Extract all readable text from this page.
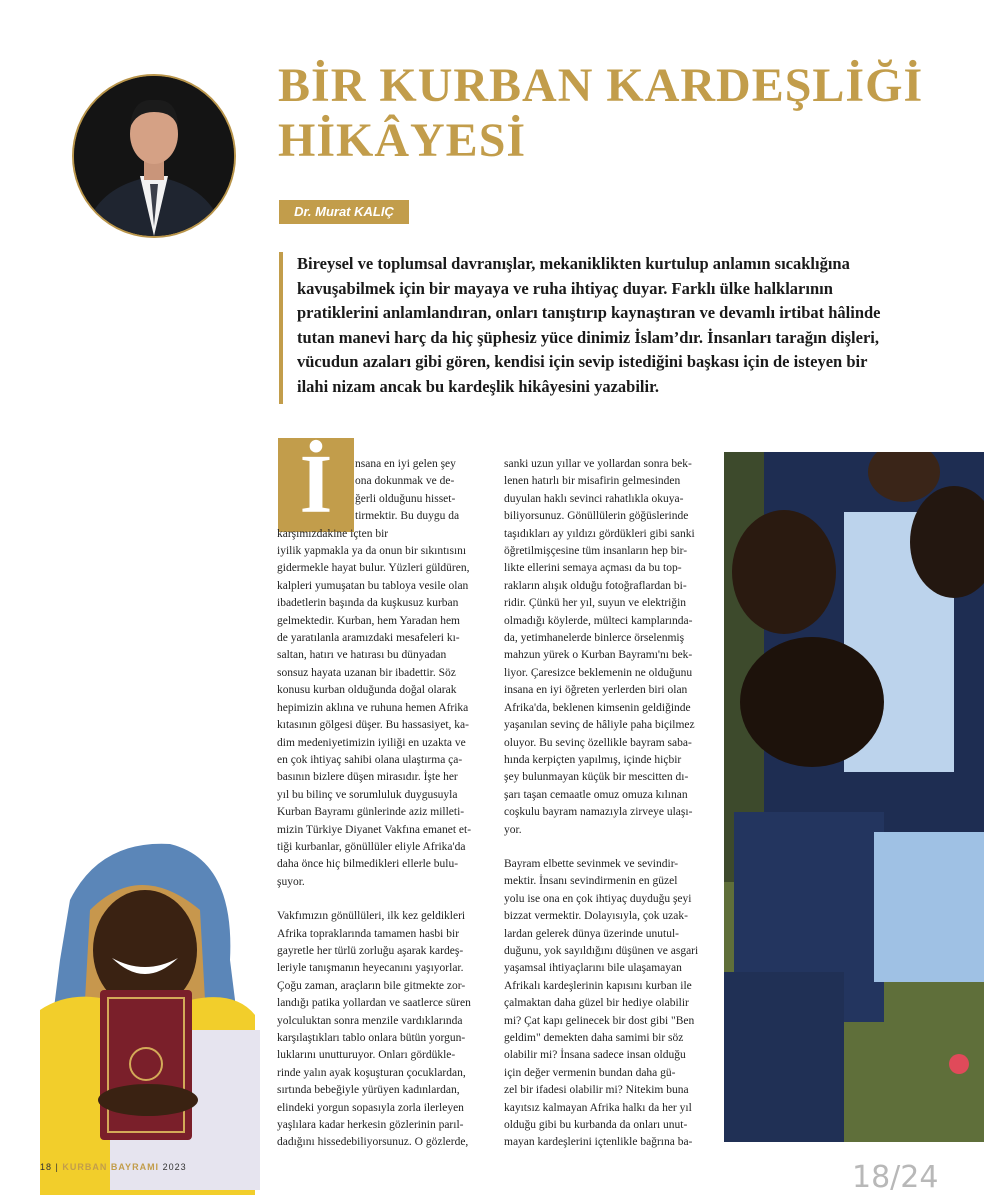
BİR KURBAN KARDEŞLİĞİ
HİKÂYESİ
Dr. Murat KALIÇ
Bireysel ve toplumsal davranışlar, mekaniklikten kurtulup anlamın sıcaklığına
kavuşabilmek için bir mayaya ve ruha ihtiyaç duyar. Farklı ülke halklarının
pratiklerini anlamlandıran, onları tanıştırıp kaynaştıran ve devamlı irtibat hâlinde
tutan manevi harç da hiç şüphesiz yüce dinimiz İslam’dır. İnsanları tarağın dişleri,
vücudun azaları gibi gören, kendisi için sevip istediğini başkası için de isteyen bir
ilahi nizam ancak bu kardeşlik hikâyesini yazabilir.
İ	nsana en iyi gelen şey
ona dokunmak ve de-
ğerli olduğunu hisset-
tirmektir. Bu duygu da
karşımızdakine içten bir
iyilik yapmakla ya da onun bir sıkıntısını
gidermekle hayat bulur. Yüzleri güldüren,
kalpleri yumuşatan bu tabloya vesile olan
ibadetlerin başında da kuşkusuz kurban
gelmektedir. Kurban, hem Yaradan hem
de yaratılanla aramızdaki mesafeleri kı-
saltan, hatırı ve hatırası bu dünyadan
sonsuz hayata uzanan bir ibadettir. Söz
konusu kurban olduğunda doğal olarak
hepimizin aklına ve ruhuna hemen Afrika
kıtasının gölgesi düşer. Bu hassasiyet, ka-
dim medeniyetimizin iyiliği en uzakta ve
en çok ihtiyaç sahibi olana ulaştırma ça-
basının bizlere düşen mirasıdır. İşte her
yıl bu bilinç ve sorumluluk duygusuyla
Kurban Bayramı günlerinde aziz milleti-
mizin Türkiye Diyanet Vakfına emanet et-
tiği kurbanlar, gönüllüler eliyle Afrika'da
daha önce hiç bilmedikleri ellerle bulu-
şuyor.
Vakfımızın gönüllüleri, ilk kez geldikleri
Afrika topraklarında tamamen hasbi bir
gayretle her türlü zorluğu aşarak kardeş-
leriyle tanışmanın heyecanını yaşıyorlar.
Çoğu zaman, araçların bile gitmekte zor-
landığı patika yollardan ve saatlerce süren
yolculuktan sonra menzile vardıklarında
karşılaştıkları tablo onlara bütün yorgun-
luklarını unutturuyor. Onları gördükle-
rinde yalın ayak koşuşturan çocuklardan,
sırtında bebeğiyle yürüyen kadınlardan,
elindeki yorgun sopasıyla zorla ilerleyen
yaşlılara kadar herkesin gözlerinin parıl-
dadığını hissedebiliyorsunuz. O gözlerde,
sanki uzun yıllar ve yollardan sonra bek-
lenen hatırlı bir misafirin gelmesinden
duyulan haklı sevinci rahatlıkla okuya-
biliyorsunuz. Gönüllülerin göğüslerinde
taşıdıkları ay yıldızı gördükleri gibi sanki
öğretilmişçesine tüm insanların hep bir-
likte ellerini semaya açması da bu top-
rakların alışık olduğu fotoğraflardan bi-
ridir. Çünkü her yıl, suyun ve elektriğin
olmadığı köylerde, mülteci kamplarında-
da, yetimhanelerde binlerce örselenmiş
mahzun yürek o Kurban Bayramı'nı bek-
liyor. Çaresizce beklemenin ne olduğunu
insana en iyi öğreten yerlerden biri olan
Afrika'da, beklenen kimsenin geldiğinde
yaşanılan sevinç de hâliyle paha biçilmez
oluyor. Bu sevinç özellikle bayram saba-
hında kerpiçten yapılmış, içinde hiçbir
şey bulunmayan küçük bir mescitten dı-
şarı taşan cemaatle omuz omuza kılınan
coşkulu bayram namazıyla zirveye ulaşı-
yor.
Bayram elbette sevinmek ve sevindir-
mektir. İnsanı sevindirmenin en güzel
yolu ise ona en çok ihtiyaç duyduğu şeyi
bizzat vermektir. Dolayısıyla, çok uzak-
lardan gelerek dünya üzerinde unutul-
duğunu, yok sayıldığını düşünen ve asgari
yaşamsal ihtiyaçlarını bile ulaşamayan
Afrikalı kardeşlerinin kapısını kurban ile
çalmaktan daha güzel bir hediye olabilir
mi? Çat kapı gelinecek bir dost gibi "Ben
geldim" demekten daha samimi bir söz
olabilir mi? İnsana sadece insan olduğu
için değer vermenin bundan daha gü-
zel bir ifadesi olabilir mi? Nitekim buna
kayıtsız kalmayan Afrika halkı da her yıl
olduğu gibi bu kurbanda da onları unut-
mayan kardeşlerini içtenlikle bağrına ba-
18 | KURBAN BAYRAMI 2023	18/24
